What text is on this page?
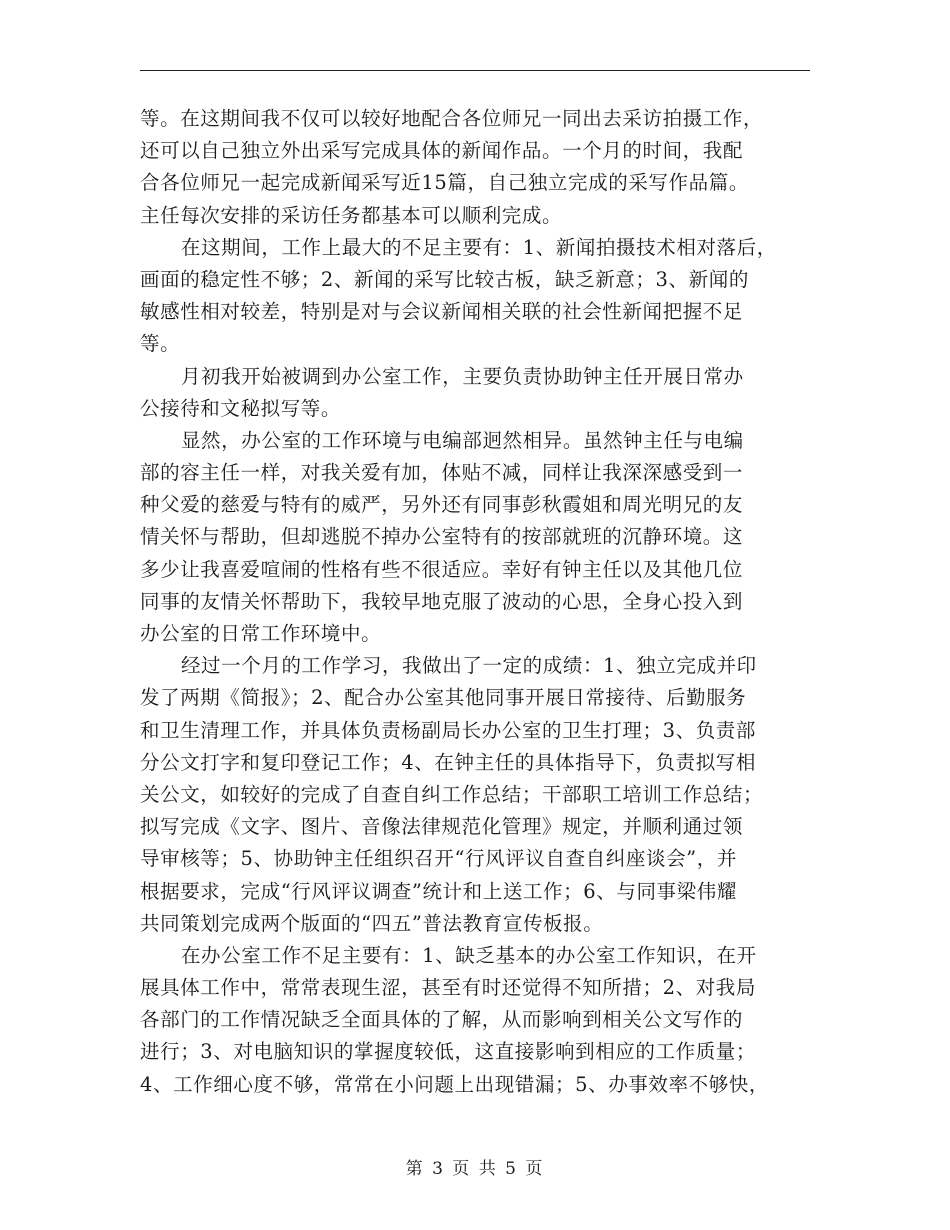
等。在这期间我不仅可以较好地配合各位师兄一同出去采访拍摄工作，
还可以自己独立外出采写完成具体的新闻作品。一个月的时间，我配
合各位师兄一起完成新闻采写近15篇，自己独立完成的采写作品篇。
主任每次安排的采访任务都基本可以顺利完成。
在这期间，工作上最大的不足主要有：1、新闻拍摄技术相对落后，
画面的稳定性不够；2、新闻的采写比较古板，缺乏新意；3、新闻的
敏感性相对较差，特别是对与会议新闻相关联的社会性新闻把握不足
等。
月初我开始被调到办公室工作，主要负责协助钟主任开展日常办
公接待和文秘拟写等。
显然，办公室的工作环境与电编部迥然相异。虽然钟主任与电编
部的容主任一样，对我关爱有加，体贴不减，同样让我深深感受到一
种父爱的慈爱与特有的威严，另外还有同事彭秋霞姐和周光明兄的友
情关怀与帮助，但却逃脱不掉办公室特有的按部就班的沉静环境。这
多少让我喜爱喧闹的性格有些不很适应。幸好有钟主任以及其他几位
同事的友情关怀帮助下，我较早地克服了波动的心思，全身心投入到
办公室的日常工作环境中。
经过一个月的工作学习，我做出了一定的成绩：1、独立完成并印
发了两期《简报》；2、配合办公室其他同事开展日常接待、后勤服务
和卫生清理工作，并具体负责杨副局长办公室的卫生打理；3、负责部
分公文打字和复印登记工作；4、在钟主任的具体指导下，负责拟写相
关公文，如较好的完成了自查自纠工作总结；干部职工培训工作总结；
拟写完成《文字、图片、音像法律规范化管理》规定，并顺利通过领
导审核等；5、协助钟主任组织召开“行风评议自查自纠座谈会”，并
根据要求，完成“行风评议调查”统计和上送工作；6、与同事梁伟耀
共同策划完成两个版面的“四五”普法教育宣传板报。
在办公室工作不足主要有：1、缺乏基本的办公室工作知识，在开
展具体工作中，常常表现生涩，甚至有时还觉得不知所措；2、对我局
各部门的工作情况缺乏全面具体的了解，从而影响到相关公文写作的
进行；3、对电脑知识的掌握度较低，这直接影响到相应的工作质量；
4、工作细心度不够，常常在小问题上出现错漏；5、办事效率不够快，
第 3 页 共 5 页
